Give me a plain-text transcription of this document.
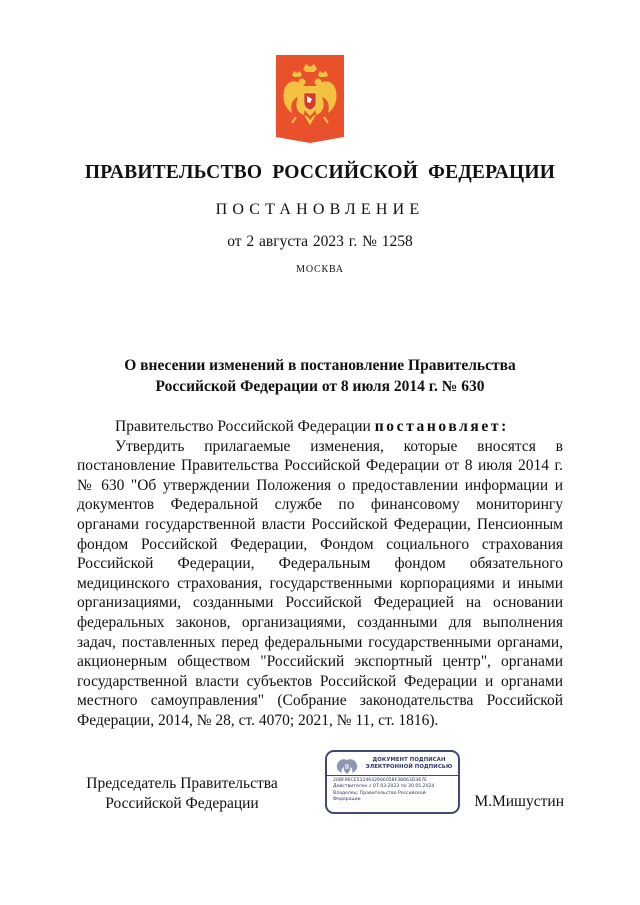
ПРАВИТЕЛЬСТВО РОССИЙСКОЙ ФЕДЕРАЦИИ
ПОСТАНОВЛЕНИЕ
от 2 августа 2023 г. № 1258
МОСКВА
О внесении изменений в постановление Правительства
Российской Федерации от 8 июля 2014 г. № 630

Правительство Российской Федерации постановляет:

Утвердить прилагаемые изменения, которые вносятся в постановление Правительства Российской Федерации от 8 июля 2014 г. № 630 "Об утверждении Положения о предоставлении информации и документов Федеральной службе по финансовому мониторингу органами государственной власти Российской Федерации, Пенсионным фондом Российской Федерации, Фондом социального страхования Российской Федерации, Федеральным фондом обязательного медицинского страхования, государственными корпорациями и иными организациями, созданными Российской Федерацией на основании федеральных законов, организациями, созданными для выполнения задач, поставленных перед федеральными государственными органами, акционерным обществом "Российский экспортный центр", органами государственной власти субъектов Российской Федерации и органами местного самоуправления" (Собрание законодательства Российской Федерации, 2014, № 28, ст. 4070; 2021, № 11, ст. 1816).

Председатель Правительства
Российской Федерации
ДОКУМЕНТ ПОДПИСАН
ЭЛЕКТРОННОЙ ПОДПИСЬЮ
20BF96CE5324642666058F38663D367E
Действителен с 07.03.2023 по 30.05.2024
Владелец: Правительство Российской
Федерации	М.Мишустин
